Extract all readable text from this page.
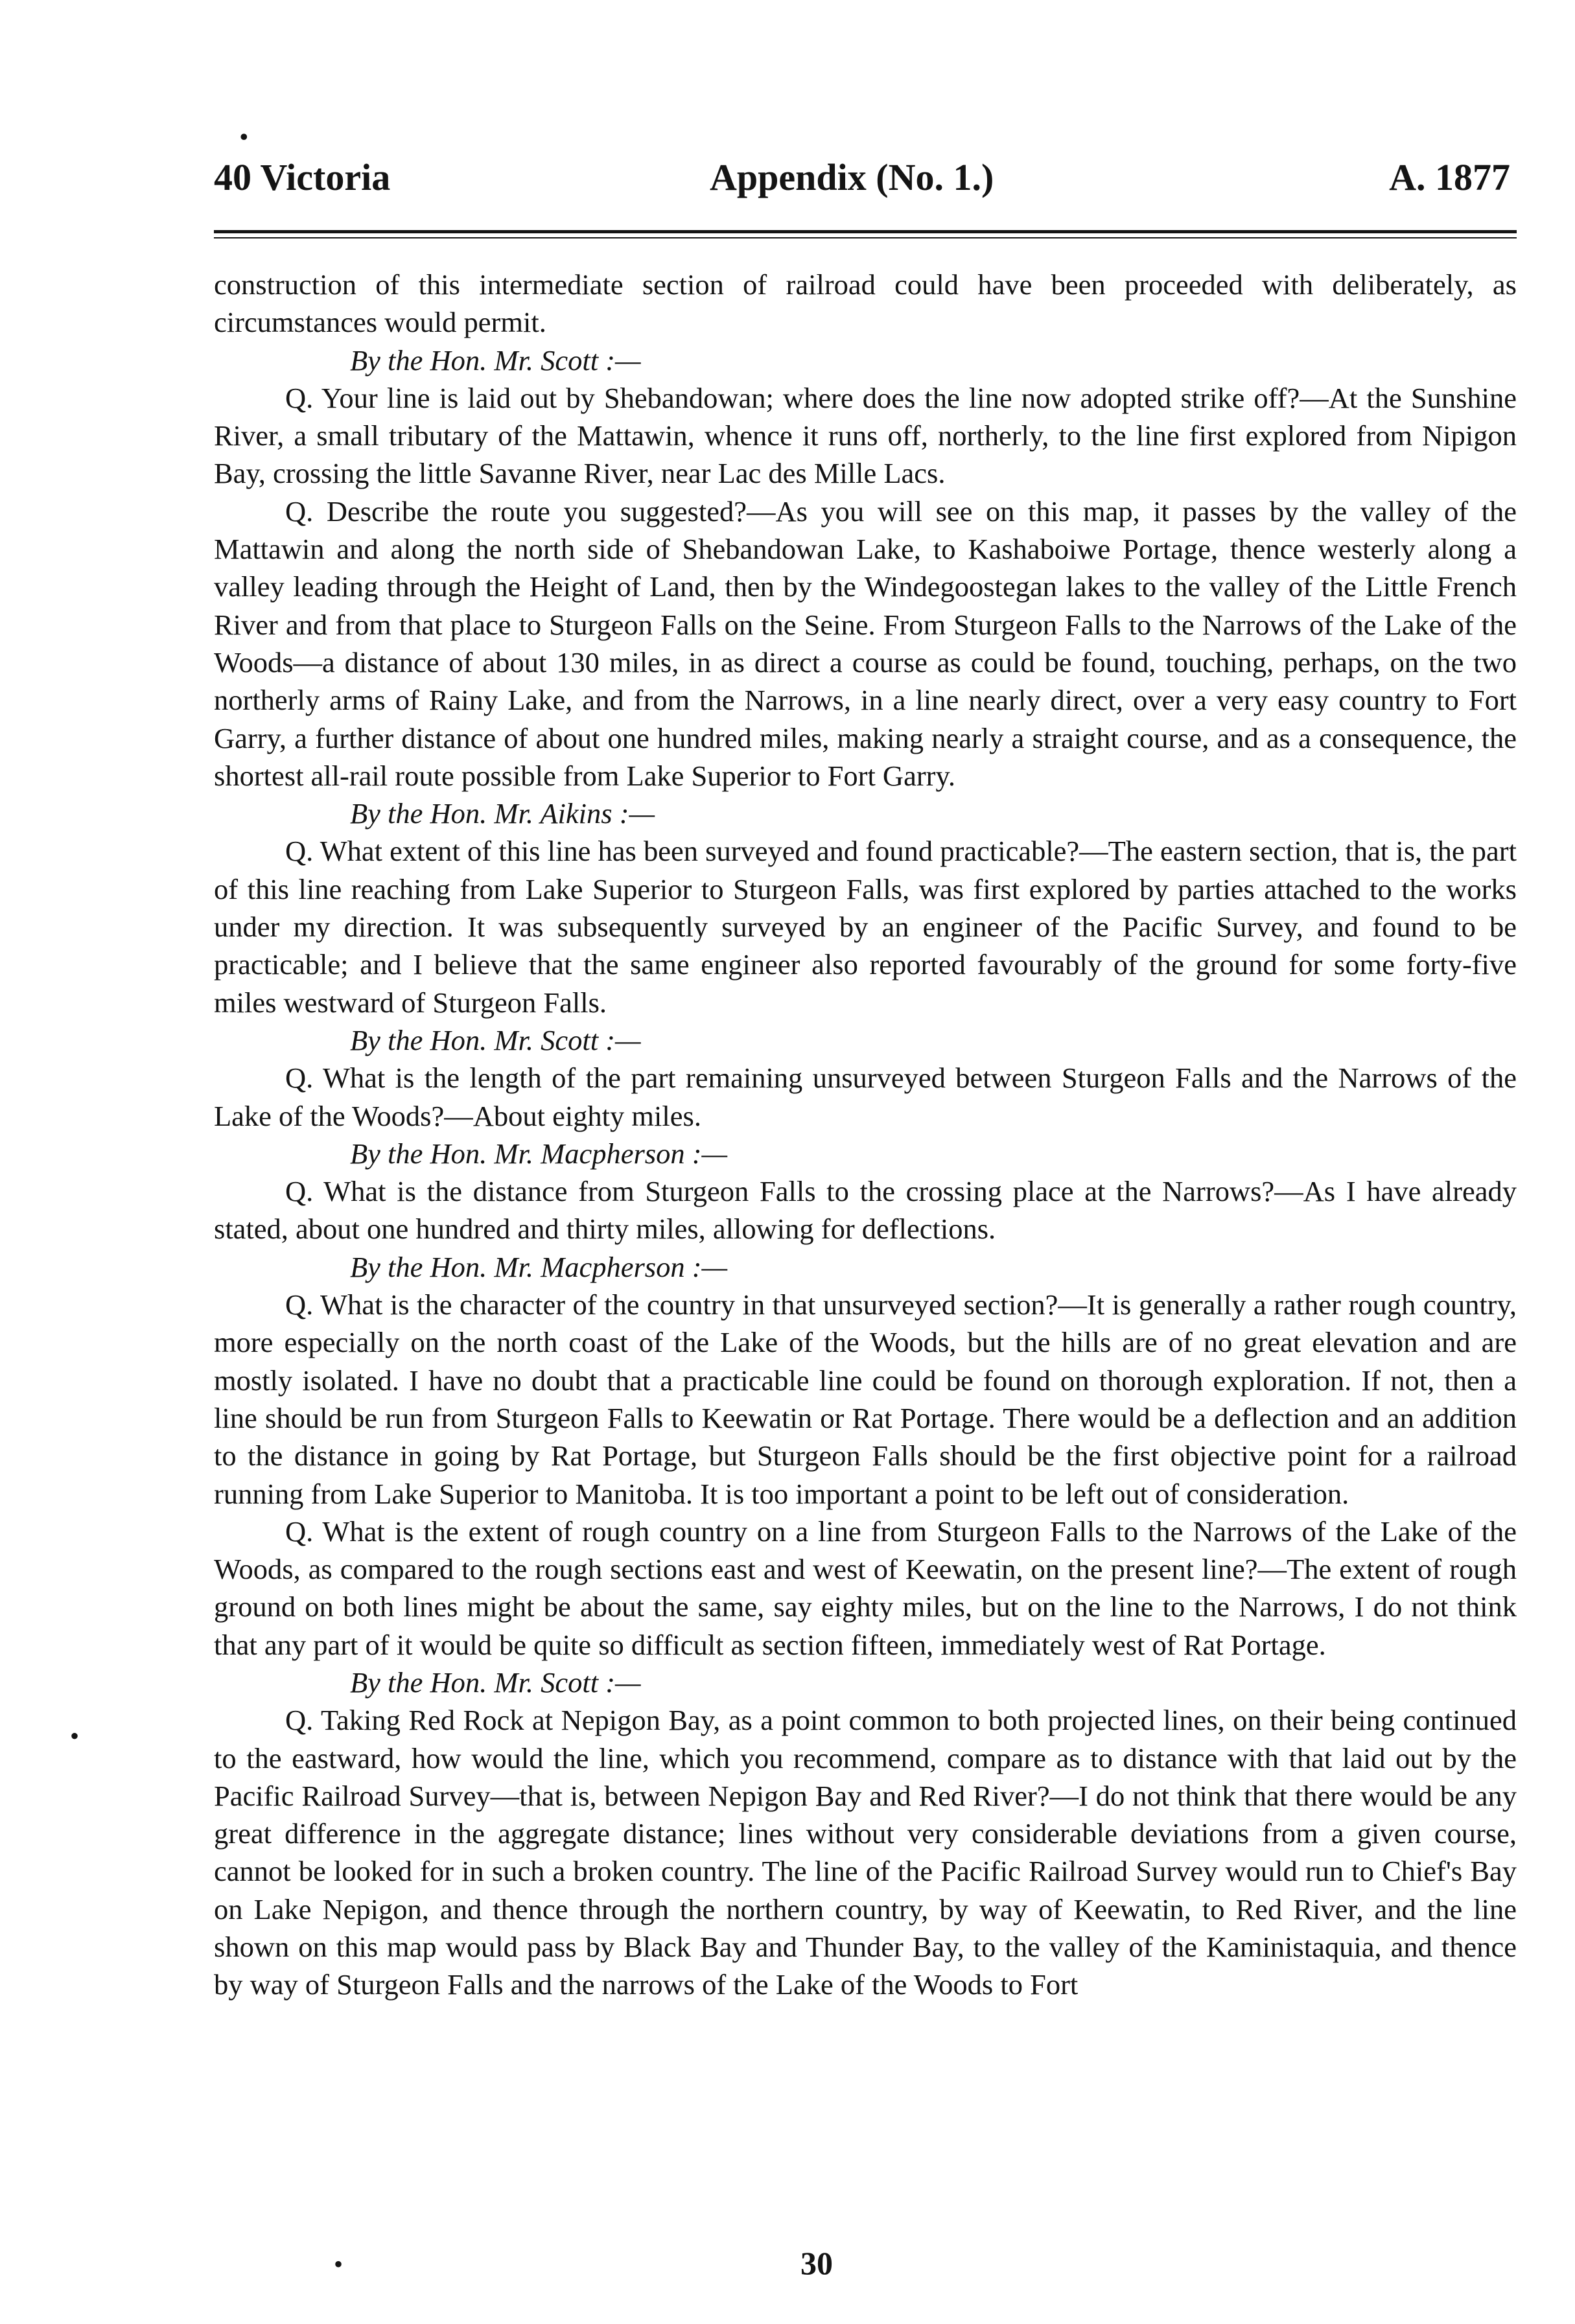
•
40 Victoria	Appendix (No. 1.)	A. 1877

construction of this intermediate section of railroad could have been proceeded with deliberately, as circumstances would permit.

By the Hon. Mr. Scott :—

Q. Your line is laid out by Shebandowan; where does the line now adopted strike off?—At the Sunshine River, a small tributary of the Mattawin, whence it runs off, northerly, to the line first explored from Nipigon Bay, crossing the little Savanne River, near Lac des Mille Lacs.

Q. Describe the route you suggested?—As you will see on this map, it passes by the valley of the Mattawin and along the north side of Shebandowan Lake, to Kashaboiwe Portage, thence westerly along a valley leading through the Height of Land, then by the Windegoostegan lakes to the valley of the Little French River and from that place to Sturgeon Falls on the Seine. From Sturgeon Falls to the Narrows of the Lake of the Woods—a distance of about 130 miles, in as direct a course as could be found, touching, perhaps, on the two northerly arms of Rainy Lake, and from the Narrows, in a line nearly direct, over a very easy country to Fort Garry, a further distance of about one hundred miles, making nearly a straight course, and as a consequence, the shortest all-rail route possible from Lake Superior to Fort Garry.

By the Hon. Mr. Aikins :—

Q. What extent of this line has been surveyed and found practicable?—The eastern section, that is, the part of this line reaching from Lake Superior to Sturgeon Falls, was first explored by parties attached to the works under my direction. It was subsequently surveyed by an engineer of the Pacific Survey, and found to be practicable; and I believe that the same engineer also reported favourably of the ground for some forty-five miles westward of Sturgeon Falls.

By the Hon. Mr. Scott :—

Q. What is the length of the part remaining unsurveyed between Sturgeon Falls and the Narrows of the Lake of the Woods?—About eighty miles.

By the Hon. Mr. Macpherson :—

Q. What is the distance from Sturgeon Falls to the crossing place at the Narrows?—As I have already stated, about one hundred and thirty miles, allowing for deflections.

By the Hon. Mr. Macpherson :—

Q. What is the character of the country in that unsurveyed section?—It is generally a rather rough country, more especially on the north coast of the Lake of the Woods, but the hills are of no great elevation and are mostly isolated. I have no doubt that a practicable line could be found on thorough exploration. If not, then a line should be run from Sturgeon Falls to Keewatin or Rat Portage. There would be a deflection and an addition to the distance in going by Rat Portage, but Sturgeon Falls should be the first objective point for a railroad running from Lake Superior to Manitoba. It is too important a point to be left out of consideration.

Q. What is the extent of rough country on a line from Sturgeon Falls to the Narrows of the Lake of the Woods, as compared to the rough sections east and west of Keewatin, on the present line?—The extent of rough ground on both lines might be about the same, say eighty miles, but on the line to the Narrows, I do not think that any part of it would be quite so difficult as section fifteen, immediately west of Rat Portage.

By the Hon. Mr. Scott :—

Q. Taking Red Rock at Nepigon Bay, as a point common to both projected lines, on their being continued to the eastward, how would the line, which you recommend, compare as to distance with that laid out by the Pacific Railroad Survey—that is, between Nepigon Bay and Red River?—I do not think that there would be any great difference in the aggregate distance; lines without very considerable deviations from a given course, cannot be looked for in such a broken country. The line of the Pacific Railroad Survey would run to Chief's Bay on Lake Nepigon, and thence through the northern country, by way of Keewatin, to Red River, and the line shown on this map would pass by Black Bay and Thunder Bay, to the valley of the Kaministaquia, and thence by way of Sturgeon Falls and the narrows of the Lake of the Woods to Fort

•
•	30
